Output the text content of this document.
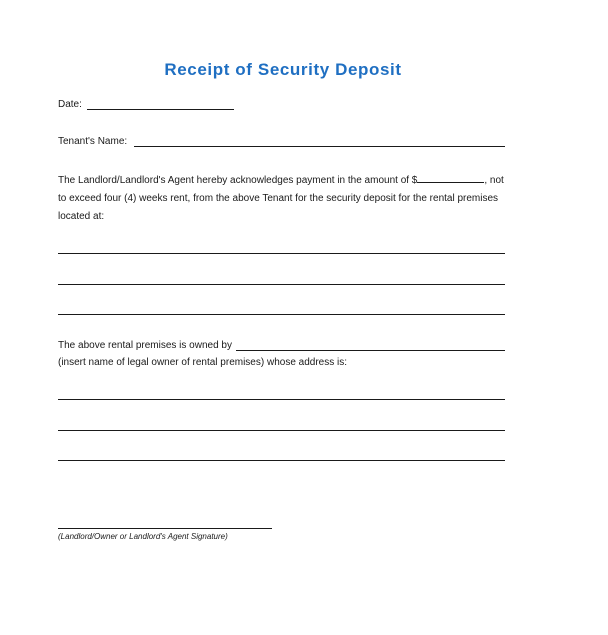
Receipt of Security Deposit
Date:
Tenant's Name:
The Landlord/Landlord's Agent hereby acknowledges payment in the amount of $	, not
to exceed four (4) weeks rent, from the above Tenant for the security deposit for the rental premises
located at:
The above rental premises is owned by
(insert name of legal owner of rental premises) whose address is:
(Landlord/Owner or Landlord's Agent Signature)
